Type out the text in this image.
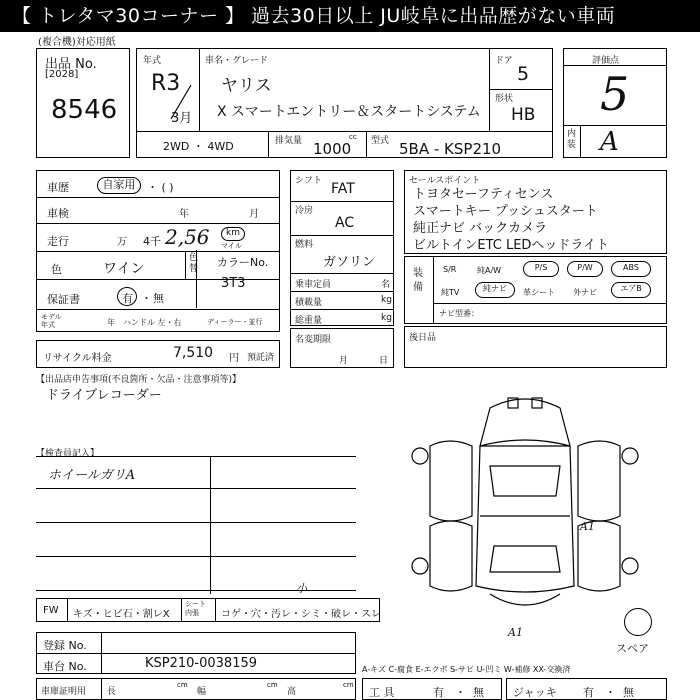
【 トレタマ30コーナー 】 過去30日以上 JU岐阜に出品歴がない車両
(複合機)対応用紙
出品 No.
[2028]
8546
年式
R3
3月
車名・グレード
ヤリス
X スマートエントリー＆スタートシステム
ドア
5
形状
HB
2WD ・ 4WD	排気量	cc
1000 型式 5BA - KSP210
評価点
5
内装 A
車歴	自家用	・ ( )
車検	年	月
走行	万 4千 2,56	km
マイル
色	ワイン
色替
保証書	有 ・ 無
モデル年式	年 ハンドル 左・右	ディーラー・並行
カラーNo.
3T3
リサイクル料金	7,510 円 預託済
シフト FAT
冷房
AC
燃料
ガソリン
乗車定員	名
積載量	kg
総重量	kg
名変期限
月	日
セールスポイント
トヨタセーフティセンス
スマートキー プッシュスタート
純正ナビ バックカメラ
ビルトインETC LEDヘッドライト
装備
S/R	純A/W	P/S	P/W	ABS
純TV	純ナビ	革シート 外ナビ	エアB
ナビ型番：
後日品
【出品店申告事項(不良箇所・欠品・注意事項等)】
ドライブレコーダー
【検査員記入】
ホイールガリA
A1
A1
スペア
FW キズ・ヒビ石・割レX
シート内張	コゲ・穴・汚レ・シミ・破レ・スレ
小
登録 No.
車台 No.	KSP210-0038159	A-キズ C-腐食 E-エクボ S-サビ U-凹ミ W-補修 XX-交換済
車庫証明用 長
cm
幅
cm
高
cm
工 具	有 ・ 無	ジャッキ 有 ・ 無
